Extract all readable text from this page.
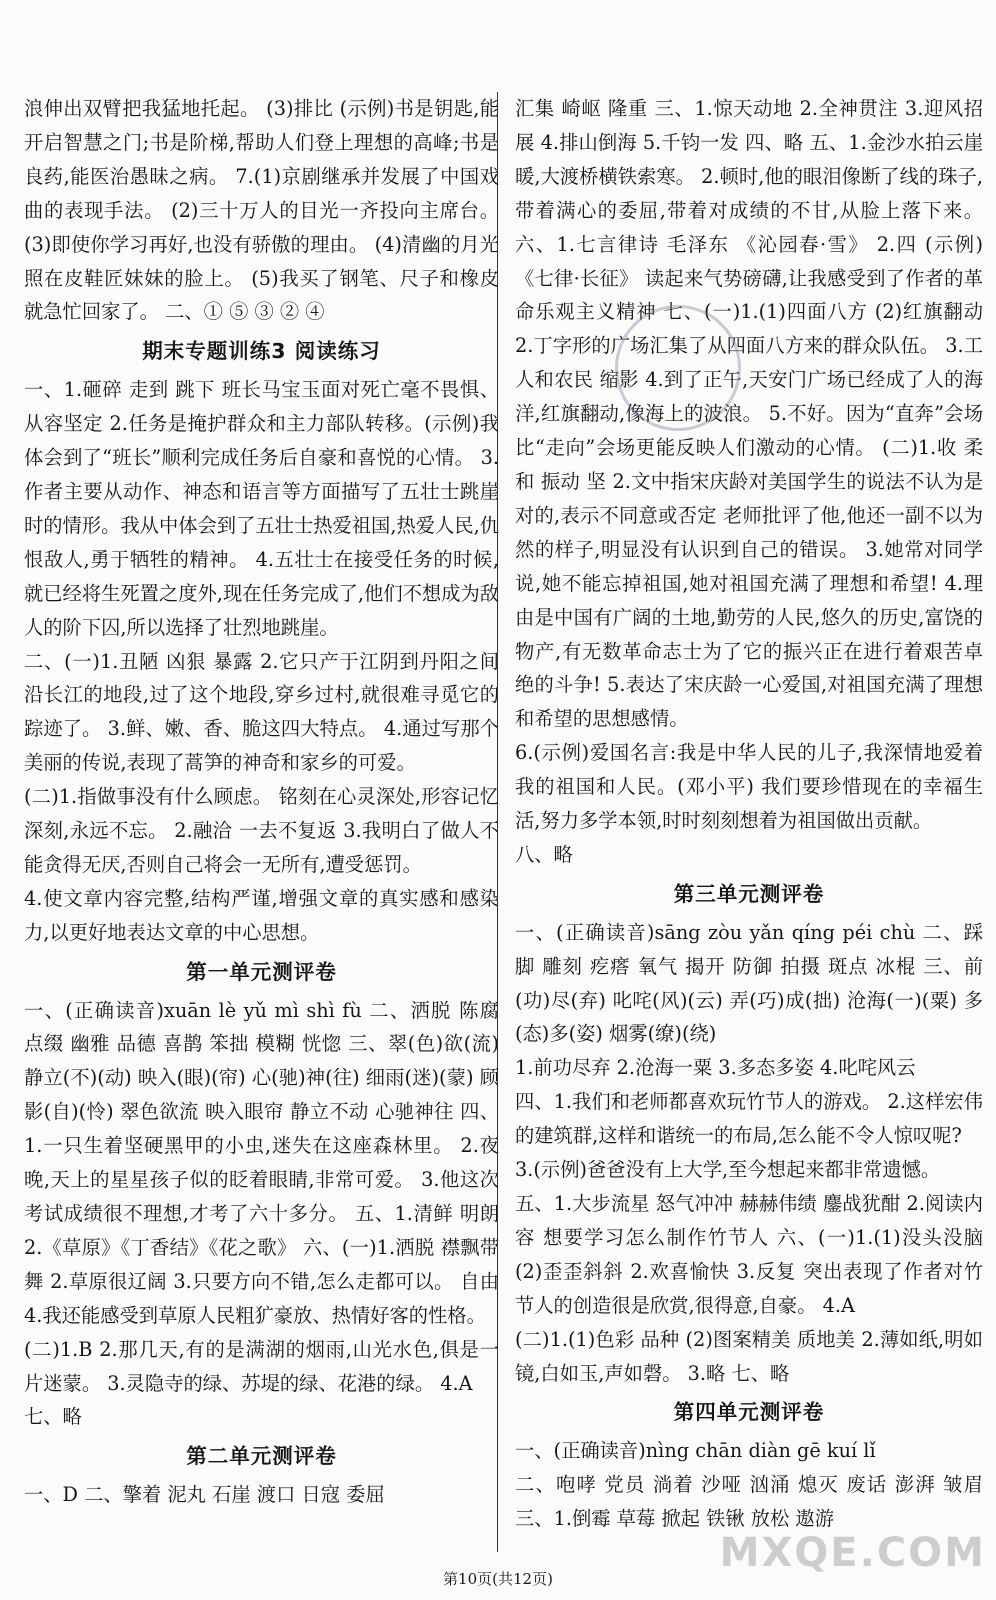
浪伸出双臂把我猛地托起。 (3)排比 (示例)书是钥匙,能开启智慧之门;书是阶梯,帮助人们登上理想的高峰;书是良药,能医治愚昧之病。 7.(1)京剧继承并发展了中国戏曲的表现手法。 (2)三十万人的目光一齐投向主席台。 (3)即使你学习再好,也没有骄傲的理由。 (4)清幽的月光照在皮鞋匠妹妹的脸上。 (5)我买了钢笔、尺子和橡皮就急忙回家了。 二、① ⑤ ③ ② ④
期末专题训练3 阅读练习
一、1.砸碎 走到 跳下 班长马宝玉面对死亡毫不畏惧、从容坚定 2.任务是掩护群众和主力部队转移。(示例)我体会到了“班长”顺利完成任务后自豪和喜悦的心情。 3.作者主要从动作、神态和语言等方面描写了五壮士跳崖时的情形。我从中体会到了五壮士热爱祖国,热爱人民,仇恨敌人,勇于牺牲的精神。 4.五壮士在接受任务的时候,就已经将生死置之度外,现在任务完成了,他们不想成为敌人的阶下囚,所以选择了壮烈地跳崖。
二、(一)1.丑陋 凶狠 暴露 2.它只产于江阴到丹阳之间沿长江的地段,过了这个地段,穿乡过村,就很难寻觅它的踪迹了。 3.鲜、嫩、香、脆这四大特点。 4.通过写那个美丽的传说,表现了蒿笋的神奇和家乡的可爱。
(二)1.指做事没有什么顾虑。 铭刻在心灵深处,形容记忆深刻,永远不忘。 2.融洽 一去不复返 3.我明白了做人不能贪得无厌,否则自己将会一无所有,遭受惩罚。
4.使文章内容完整,结构严谨,增强文章的真实感和感染力,以更好地表达文章的中心思想。
第一单元测评卷
一、(正确读音)xuān lè yǔ mì shì fù 二、洒脱 陈腐 点缀 幽雅 品德 喜鹊 笨拙 模糊 恍惚 三、翠(色)欲(流) 静立(不)(动) 映入(眼)(帘) 心(驰)神(往) 细雨(迷)(蒙) 顾影(自)(怜) 翠色欲流 映入眼帘 静立不动 心驰神往 四、1.一只生着坚硬黑甲的小虫,迷失在这座森林里。 2.夜晚,天上的星星孩子似的眨着眼睛,非常可爱。 3.他这次考试成绩很不理想,才考了六十多分。 五、1.清鲜 明朗 2.《草原》《丁香结》《花之歌》 六、(一)1.洒脱 襟飘带舞 2.草原很辽阔 3.只要方向不错,怎么走都可以。 自由 4.我还能感受到草原人民粗犷豪放、热情好客的性格。
(二)1.B 2.那几天,有的是满湖的烟雨,山光水色,俱是一片迷蒙。 3.灵隐寺的绿、苏堤的绿、花港的绿。 4.A
七、略
第二单元测评卷
一、D 二、擎着 泥丸 石崖 渡口 日寇 委屈
汇集 崎岖 隆重 三、1.惊天动地 2.全神贯注 3.迎风招展 4.排山倒海 5.千钧一发 四、略 五、1.金沙水拍云崖暖,大渡桥横铁索寒。 2.顿时,他的眼泪像断了线的珠子,带着满心的委屈,带着对成绩的不甘,从脸上落下来。 六、1.七言律诗 毛泽东 《沁园春·雪》 2.四 (示例)《七律·长征》 读起来气势磅礴,让我感受到了作者的革命乐观主义精神 七、(一)1.(1)四面八方 (2)红旗翻动 2.丁字形的广场汇集了从四面八方来的群众队伍。 3.工人和农民 缩影 4.到了正午,天安门广场已经成了人的海洋,红旗翻动,像海上的波浪。 5.不好。因为“直奔”会场比“走向”会场更能反映人们激动的心情。 (二)1.收 柔和 振动 坚 2.文中指宋庆龄对美国学生的说法不认为是对的,表示不同意或否定 老师批评了他,他还一副不以为然的样子,明显没有认识到自己的错误。 3.她常对同学说,她不能忘掉祖国,她对祖国充满了理想和希望! 4.理由是中国有广阔的土地,勤劳的人民,悠久的历史,富饶的物产,有无数革命志士为了它的振兴正在进行着艰苦卓绝的斗争! 5.表达了宋庆龄一心爱国,对祖国充满了理想和希望的思想感情。
6.(示例)爱国名言:我是中华人民的儿子,我深情地爱着我的祖国和人民。(邓小平) 我们要珍惜现在的幸福生活,努力多学本领,时时刻刻想着为祖国做出贡献。
八、略
第三单元测评卷
一、(正确读音)sāng zòu yǎn qíng péi chù 二、踩脚 雕刻 疙瘩 氧气 揭开 防御 拍摄 斑点 冰棍 三、前(功)尽(弃) 叱咤(风)(云) 弄(巧)成(拙) 沧海(一)(粟) 多(态)多(姿) 烟雾(缭)(绕)
1.前功尽弃 2.沧海一粟 3.多态多姿 4.叱咤风云
四、1.我们和老师都喜欢玩竹节人的游戏。 2.这样宏伟的建筑群,这样和谐统一的布局,怎么能不令人惊叹呢?
3.(示例)爸爸没有上大学,至今想起来都非常遗憾。
五、1.大步流星 怒气冲冲 赫赫伟绩 鏖战犹酣 2.阅读内容 想要学习怎么制作竹节人 六、(一)1.(1)没头没脑 (2)歪歪斜斜 2.欢喜愉快 3.反复 突出表现了作者对竹节人的创造很是欣赏,很得意,自豪。 4.A
(二)1.(1)色彩 品种 (2)图案精美 质地美 2.薄如纸,明如镜,白如玉,声如磬。 3.略 七、略
第四单元测评卷
一、(正确读音)nìng chān diàn gē kuí lǐ
二、咆哮 党员 淌着 沙哑 汹涌 熄灭 废话 澎湃 皱眉 三、1.倒霉 草莓 掀起 铁锹 放松 遨游
MXQE.COM
第10页(共12页)
